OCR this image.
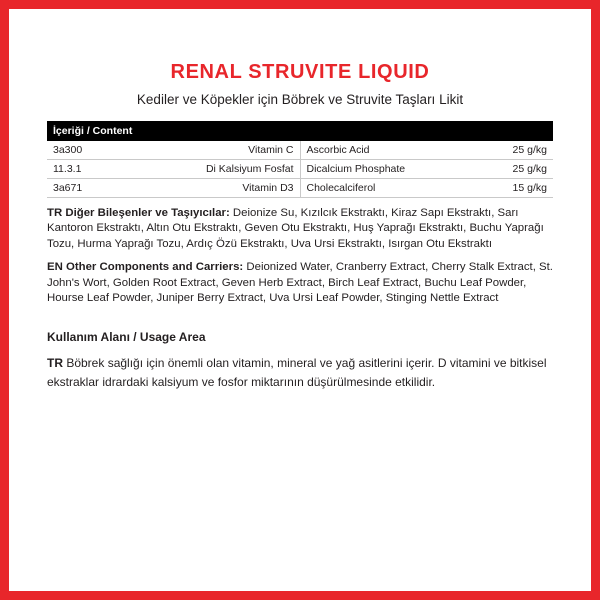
RENAL STRUVITE LIQUID
Kediler ve Köpekler için Böbrek ve Struvite Taşları Likit
İçeriği / Content			
3a300	Vitamin C	Ascorbic Acid	25 g/kg
11.3.1	Di Kalsiyum Fosfat	Dicalcium Phosphate	25 g/kg
3a671	Vitamin D3	Cholecalciferol	15 g/kg

TR Diğer Bileşenler ve Taşıyıcılar: Deionize Su, Kızılcık Ekstraktı, Kiraz Sapı Ekstraktı, Sarı Kantoron Ekstraktı, Altın Otu Ekstraktı, Geven Otu Ekstraktı, Huş Yaprağı Ekstraktı, Buchu Yaprağı Tozu, Hurma Yaprağı Tozu, Ardıç Özü Ekstraktı, Uva Ursi Ekstraktı, Isırgan Otu Ekstraktı

EN Other Components and Carriers: Deionized Water, Cranberry Extract, Cherry Stalk Extract, St. John's Wort, Golden Root Extract, Geven Herb Extract, Birch Leaf Extract, Buchu Leaf Powder, Hourse Leaf Powder, Juniper Berry Extract, Uva Ursi Leaf Powder, Stinging Nettle Extract

Kullanım Alanı / Usage Area

TR Böbrek sağlığı için önemli olan vitamin, mineral ve yağ asitlerini içerir. D vitamini ve bitkisel ekstraklar idrardaki kalsiyum ve fosfor miktarının düşürülmesinde etkilidir.
